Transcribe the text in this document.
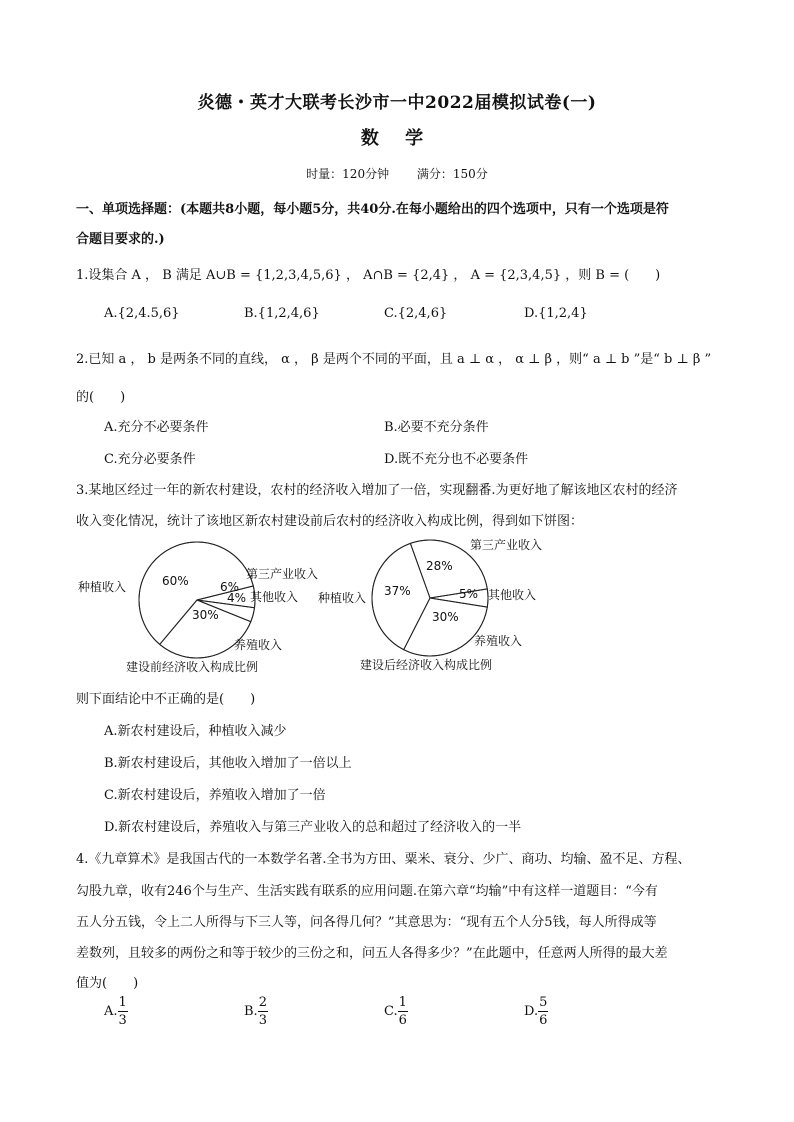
炎德・英才大联考长沙市一中2022届模拟试卷(一)
数 学
时量：120分钟 满分：150分
一、单项选择题：(本题共8小题，每小题5分，共40分.在每小题给出的四个选项中，只有一个选项是符
合题目要求的.)
1.设集合 A ， B 满足 A∪B = {1,2,3,4,5,6} ， A∩B = {2,4} ， A = {2,3,4,5} ，则 B = (　　)
A.{2,4.5,6}	B.{1,2,4,6}	C.{2,4,6}	D.{1,2,4}
2.已知 a ， b 是两条不同的直线， α ， β 是两个不同的平面，且 a ⊥ α ， α ⊥ β ，则“ a ⊥ b ”是“ b ⊥ β ”
的(　　)
A.充分不必要条件	B.必要不充分条件
C.充分必要条件	D.既不充分也不必要条件
3.某地区经过一年的新农村建设，农村的经济收入增加了一倍，实现翻番.为更好地了解该地区农村的经济
收入变化情况，统计了该地区新农村建设前后农村的经济收入构成比例，得到如下饼图：
种植收入
第三产业收入
其他收入
养殖收入
60%	6%
4%
30%
建设前经济收入构成比例
种植收入
第三产业收入
其他收入
养殖收入
37%
28%
5%
30%
建设后经济收入构成比例
则下面结论中不正确的是(　　)
A.新农村建设后，种植收入减少
B.新农村建设后，其他收入增加了一倍以上
C.新农村建设后，养殖收入增加了一倍
D.新农村建设后，养殖收入与第三产业收入的总和超过了经济收入的一半
4.《九章算术》是我国古代的一本数学名著.全书为方田、粟米、衰分、少广、商功、均输、盈不足、方程、
勾股九章，收有246个与生产、生活实践有联系的应用问题.在第六章“均输”中有这样一道题目：“今有
五人分五钱，令上二人所得与下三人等，问各得几何？”其意思为：“现有五个人分5钱，每人所得成等
差数列，且较多的两份之和等于较少的三份之和，问五人各得多少？”在此题中，任意两人所得的最大差
值为(　　)
A. $\frac{1}{3}$	B. $\frac{2}{3}$	C. $\frac{1}{6}$	D. $\frac{5}{6}$
